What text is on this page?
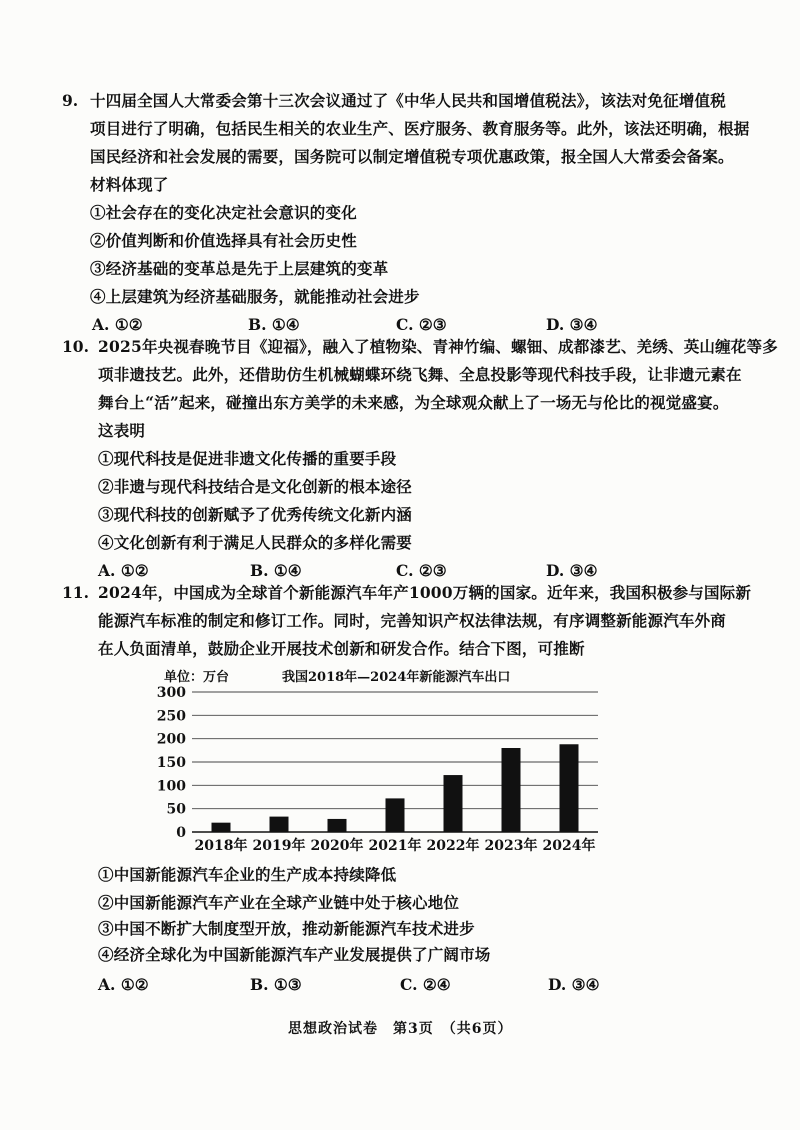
9. 十四届全国人大常委会第十三次会议通过了《中华人民共和国增值税法》，该法对免征增值税
项目进行了明确，包括民生相关的农业生产、医疗服务、教育服务等。此外，该法还明确，根据
国民经济和社会发展的需要，国务院可以制定增值税专项优惠政策，报全国人大常委会备案。
材料体现了
①社会存在的变化决定社会意识的变化
②价值判断和价值选择具有社会历史性
③经济基础的变革总是先于上层建筑的变革
④上层建筑为经济基础服务，就能推动社会进步
A. ①②	B. ①④	C. ②③	D. ③④
10. 2025年央视春晚节目《迎福》，融入了植物染、青神竹编、螺钿、成都漆艺、羌绣、英山缠花等多
项非遗技艺。此外，还借助仿生机械蝴蝶环绕飞舞、全息投影等现代科技手段，让非遗元素在
舞台上“活”起来，碰撞出东方美学的未来感，为全球观众献上了一场无与伦比的视觉盛宴。
这表明
①现代科技是促进非遗文化传播的重要手段
②非遗与现代科技结合是文化创新的根本途径
③现代科技的创新赋予了优秀传统文化新内涵
④文化创新有利于满足人民群众的多样化需要
A. ①②	B. ①④	C. ②③	D. ③④
11. 2024年，中国成为全球首个新能源汽车年产1000万辆的国家。近年来，我国积极参与国际新
能源汽车标准的制定和修订工作。同时，完善知识产权法律法规，有序调整新能源汽车外商
在人负面清单，鼓励企业开展技术创新和研发合作。结合下图，可推断
单位：万台	我国2018年—2024年新能源汽车出口
0
50
100
150
200
250
300
2018年 2019年 2020年 2021年 2022年 2023年 2024年
①中国新能源汽车企业的生产成本持续降低
②中国新能源汽车产业在全球产业链中处于核心地位
③中国不断扩大制度型开放，推动新能源汽车技术进步
④经济全球化为中国新能源汽车产业发展提供了广阔市场
A. ①②	B. ①③	C. ②④	D. ③④
思想政治试卷　第3页　（共6页）
